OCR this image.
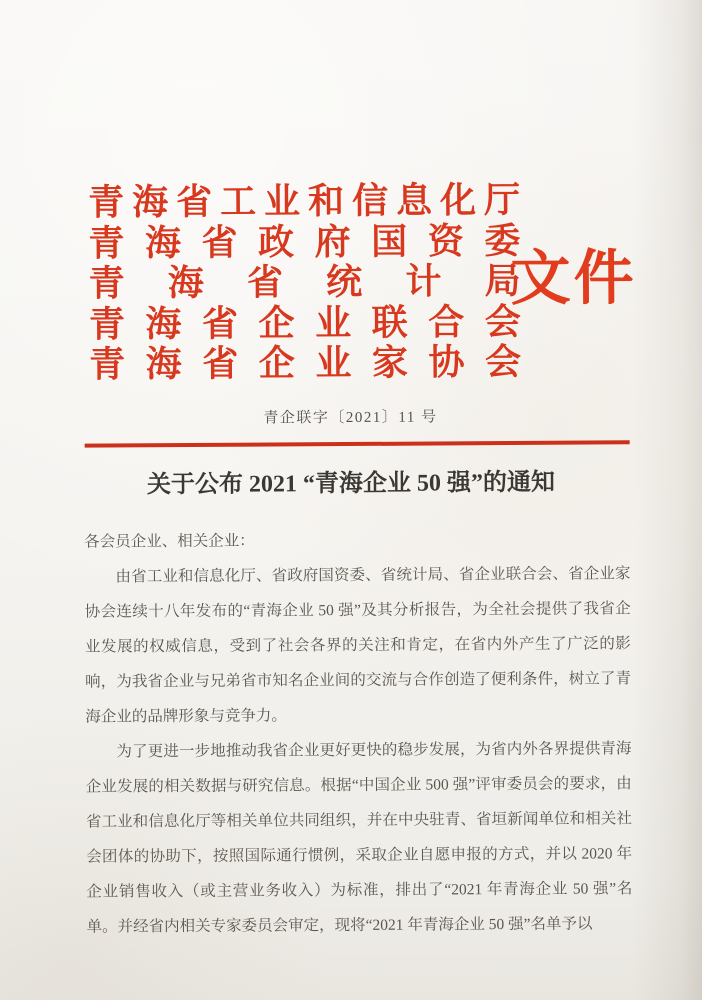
青 海 省 工 业 和 信 息 化 厅
青 海 省 政 府 国 资 委
青 海 省 统 计 局
青 海 省 企 业 联 合 会
青 海 省 企 业 家 协 会
文件
青企联字〔2021〕11 号
关于公布 2021 “青海企业 50 强”的通知

各会员企业、相关企业：

由省工业和信息化厅、省政府国资委、省统计局、省企业联合会、省企业家协会连续十八年发布的“青海企业 50 强”及其分析报告，为全社会提供了我省企业发展的权威信息，受到了社会各界的关注和肯定，在省内外产生了广泛的影响，为我省企业与兄弟省市知名企业间的交流与合作创造了便利条件，树立了青海企业的品牌形象与竞争力。

为了更进一步地推动我省企业更好更快的稳步发展，为省内外各界提供青海企业发展的相关数据与研究信息。根据“中国企业 500 强”评审委员会的要求，由省工业和信息化厅等相关单位共同组织，并在中央驻青、省垣新闻单位和相关社会团体的协助下，按照国际通行惯例，采取企业自愿申报的方式，并以 2020 年企业销售收入（或主营业务收入）为标准，排出了“2021 年青海企业 50 强”名单。并经省内相关专家委员会审定，现将“2021 年青海企业 50 强”名单予以
